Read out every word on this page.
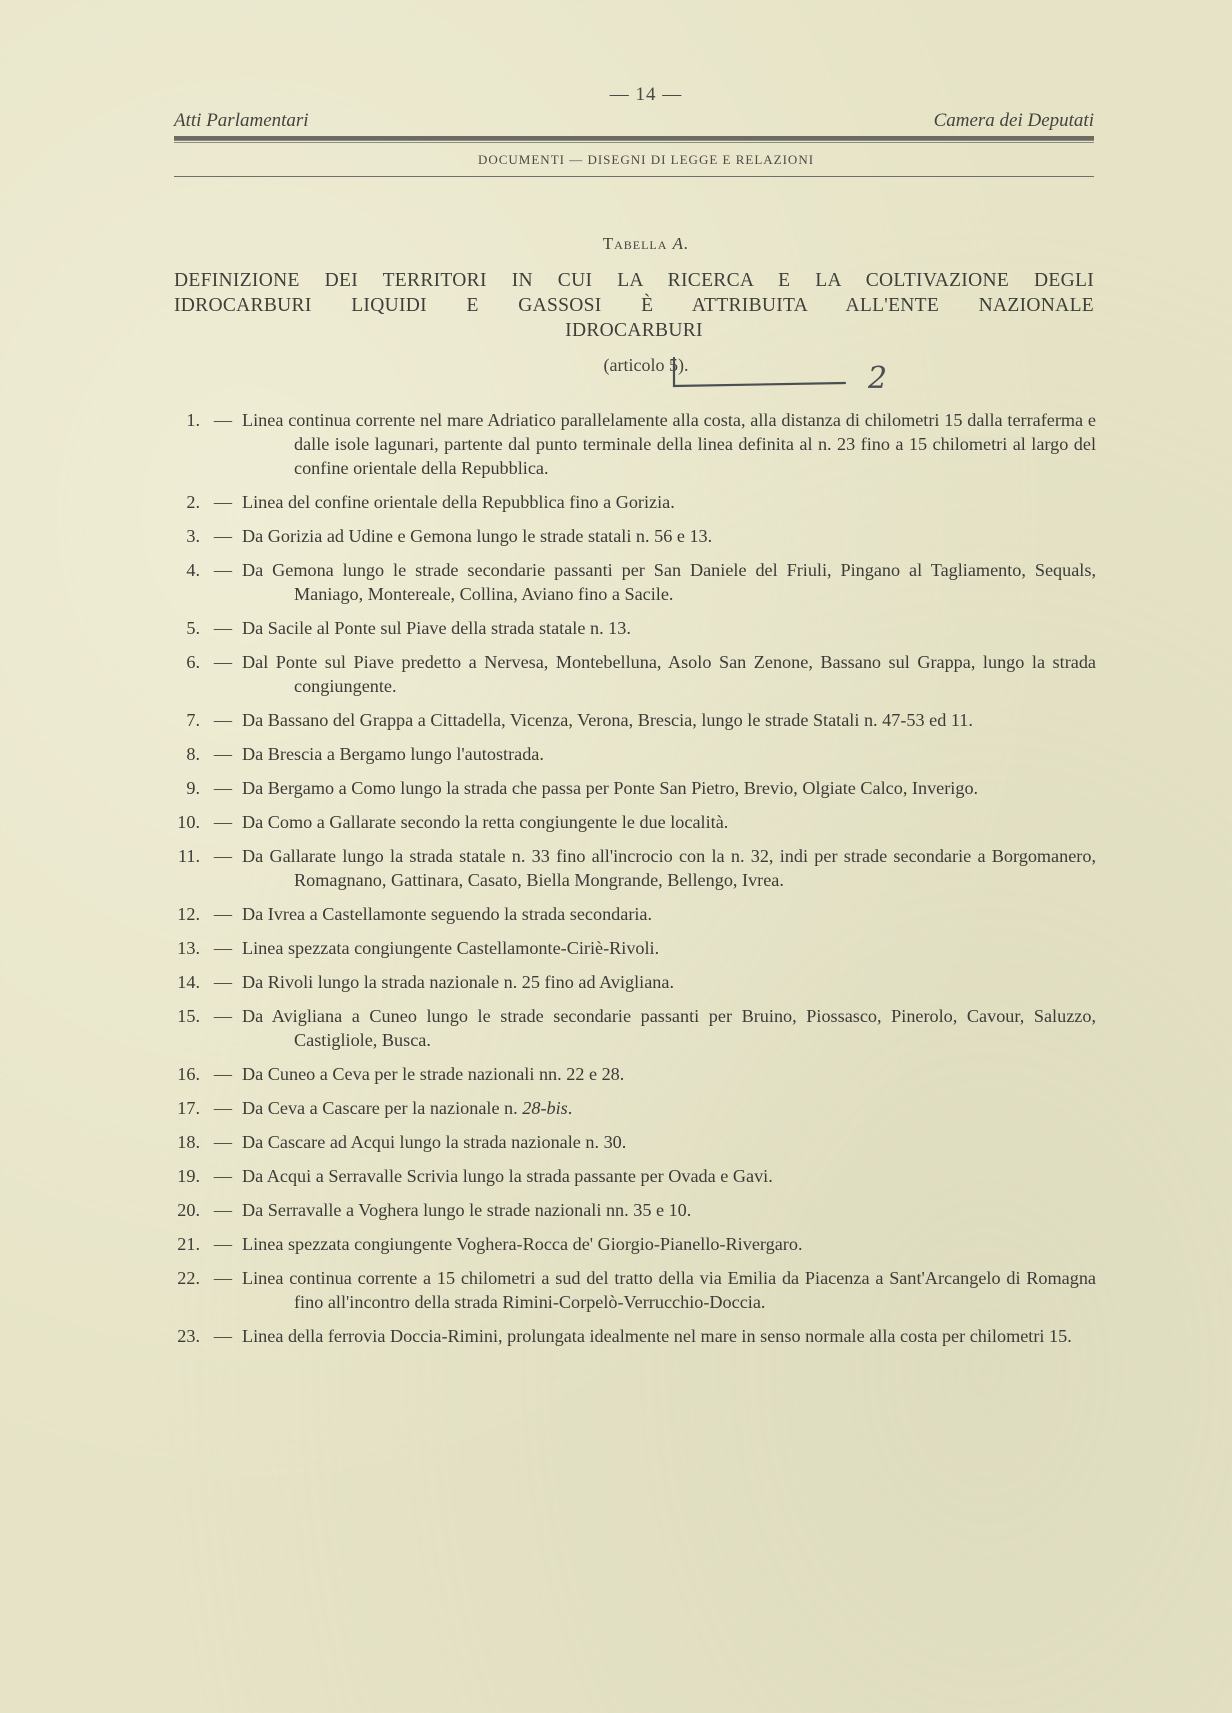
— 14 —
Atti Parlamentari	Camera dei Deputati
DOCUMENTI — DISEGNI DI LEGGE E RELAZIONI
Tabella A.
DEFINIZIONE DEI TERRITORI IN CUI LA RICERCA E LA COLTIVAZIONE DEGLI
IDROCARBURI LIQUIDI E GASSOSI È ATTRIBUITA ALL'ENTE NAZIONALE
IDROCARBURI
(articolo 5).	2
1. — Linea continua corrente nel mare Adriatico parallelamente alla costa, alla distanza di chilometri 15 dalla terraferma e dalle isole lagunari, partente dal punto terminale della linea definita al n. 23 fino a 15 chilometri al largo del confine orientale della Repubblica.
2. — Linea del confine orientale della Repubblica fino a Gorizia.
3. — Da Gorizia ad Udine e Gemona lungo le strade statali n. 56 e 13.
4. — Da Gemona lungo le strade secondarie passanti per San Daniele del Friuli, Pingano al Tagliamento, Sequals, Maniago, Montereale, Collina, Aviano fino a Sacile.
5. — Da Sacile al Ponte sul Piave della strada statale n. 13.
6. — Dal Ponte sul Piave predetto a Nervesa, Montebelluna, Asolo San Zenone, Bassano sul Grappa, lungo la strada congiungente.
7. — Da Bassano del Grappa a Cittadella, Vicenza, Verona, Brescia, lungo le strade Statali n. 47-53 ed 11.
8. — Da Brescia a Bergamo lungo l'autostrada.
9. — Da Bergamo a Como lungo la strada che passa per Ponte San Pietro, Brevio, Olgiate Calco, Inverigo.
10. — Da Como a Gallarate secondo la retta congiungente le due località.
11. — Da Gallarate lungo la strada statale n. 33 fino all'incrocio con la n. 32, indi per strade secondarie a Borgomanero, Romagnano, Gattinara, Casato, Biella Mongrande, Bellengo, Ivrea.
12. — Da Ivrea a Castellamonte seguendo la strada secondaria.
13. — Linea spezzata congiungente Castellamonte-Ciriè-Rivoli.
14. — Da Rivoli lungo la strada nazionale n. 25 fino ad Avigliana.
15. — Da Avigliana a Cuneo lungo le strade secondarie passanti per Bruino, Piossasco, Pinerolo, Cavour, Saluzzo, Castigliole, Busca.
16. — Da Cuneo a Ceva per le strade nazionali nn. 22 e 28.
17. — Da Ceva a Cascare per la nazionale n. 28-bis.
18. — Da Cascare ad Acqui lungo la strada nazionale n. 30.
19. — Da Acqui a Serravalle Scrivia lungo la strada passante per Ovada e Gavi.
20. — Da Serravalle a Voghera lungo le strade nazionali nn. 35 e 10.
21. — Linea spezzata congiungente Voghera-Rocca de' Giorgio-Pianello-Rivergaro.
22. — Linea continua corrente a 15 chilometri a sud del tratto della via Emilia da Piacenza a Sant'Arcangelo di Romagna fino all'incontro della strada Rimini-Corpelò-Verrucchio-Doccia.
23. — Linea della ferrovia Doccia-Rimini, prolungata idealmente nel mare in senso normale alla costa per chilometri 15.
